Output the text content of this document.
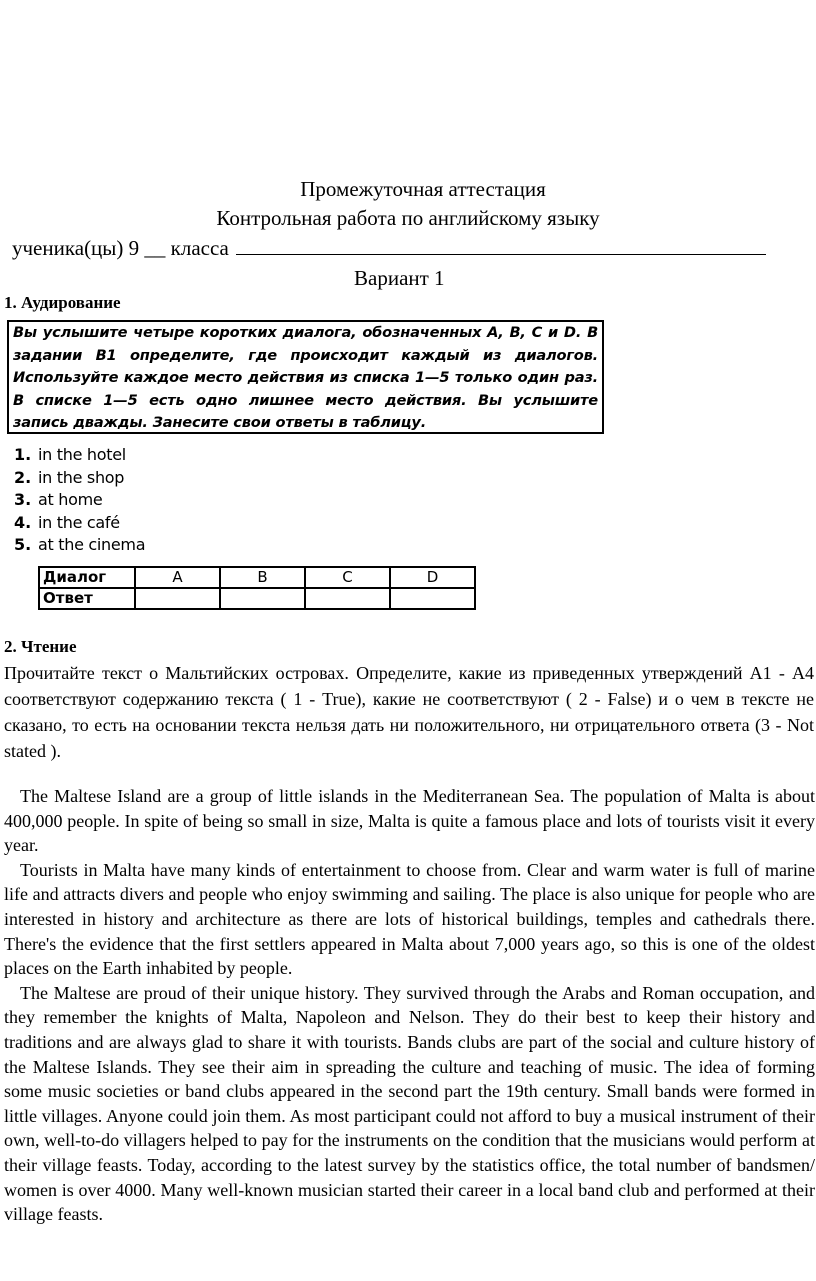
Промежуточная аттестация
Контрольная работа по английскому языку
ученика(цы) 9 __ класса
Вариант 1
1. Аудирование
Вы услышите четыре коротких диалога, обозначенных А, В, С и D. В задании В1 определите, где происходит каждый из диалогов. Используйте каждое место действия из списка 1—5 только один раз. В списке 1—5 есть одно лишнее место действия. Вы услышите запись дважды. Занесите свои ответы в таблицу.
1. in the hotel
2. in the shop
3. at home
4. in the café
5. at the cinema
Диалог	A	B	C	D
Ответ				
2. Чтение
Прочитайте текст о Мальтийских островах. Определите, какие из приведенных утверждений А1 - А4 соответствуют содержанию текста ( 1 - True), какие не соответствуют ( 2 - False) и о чем в тексте не сказано, то есть на основании текста нельзя дать ни положительного, ни отрицательного ответа (3 - Not stated ).

The Maltese Island are a group of little islands in the Mediterranean Sea. The population of Malta is about 400,000 people. In spite of being so small in size, Malta is quite a famous place and lots of tourists visit it every year.

Tourists in Malta have many kinds of entertainment to choose from. Clear and warm water is full of marine life and attracts divers and people who enjoy swimming and sailing. The place is also unique for people who are interested in history and architecture as there are lots of historical buildings, temples and cathedrals there. There's the evidence that the first settlers appeared in Malta about 7,000 years ago, so this is one of the oldest places on the Earth inhabited by people.

The Maltese are proud of their unique history. They survived through the Arabs and Roman occupation, and they remember the knights of Malta, Napoleon and Nelson. They do their best to keep their history and traditions and are always glad to share it with tourists. Bands clubs are part of the social and culture history of the Maltese Islands. They see their aim in spreading the culture and teaching of music. The idea of forming some music societies or band clubs appeared in the second part the 19th century. Small bands were formed in little villages. Anyone could join them. As most participant could not afford to buy a musical instrument of their own, well-to-do villagers helped to pay for the instruments on the condition that the musicians would perform at their village feasts. Today, according to the latest survey by the statistics office, the total number of bandsmen/ women is over 4000. Many well-known musician started their career in a local band club and performed at their village feasts.
